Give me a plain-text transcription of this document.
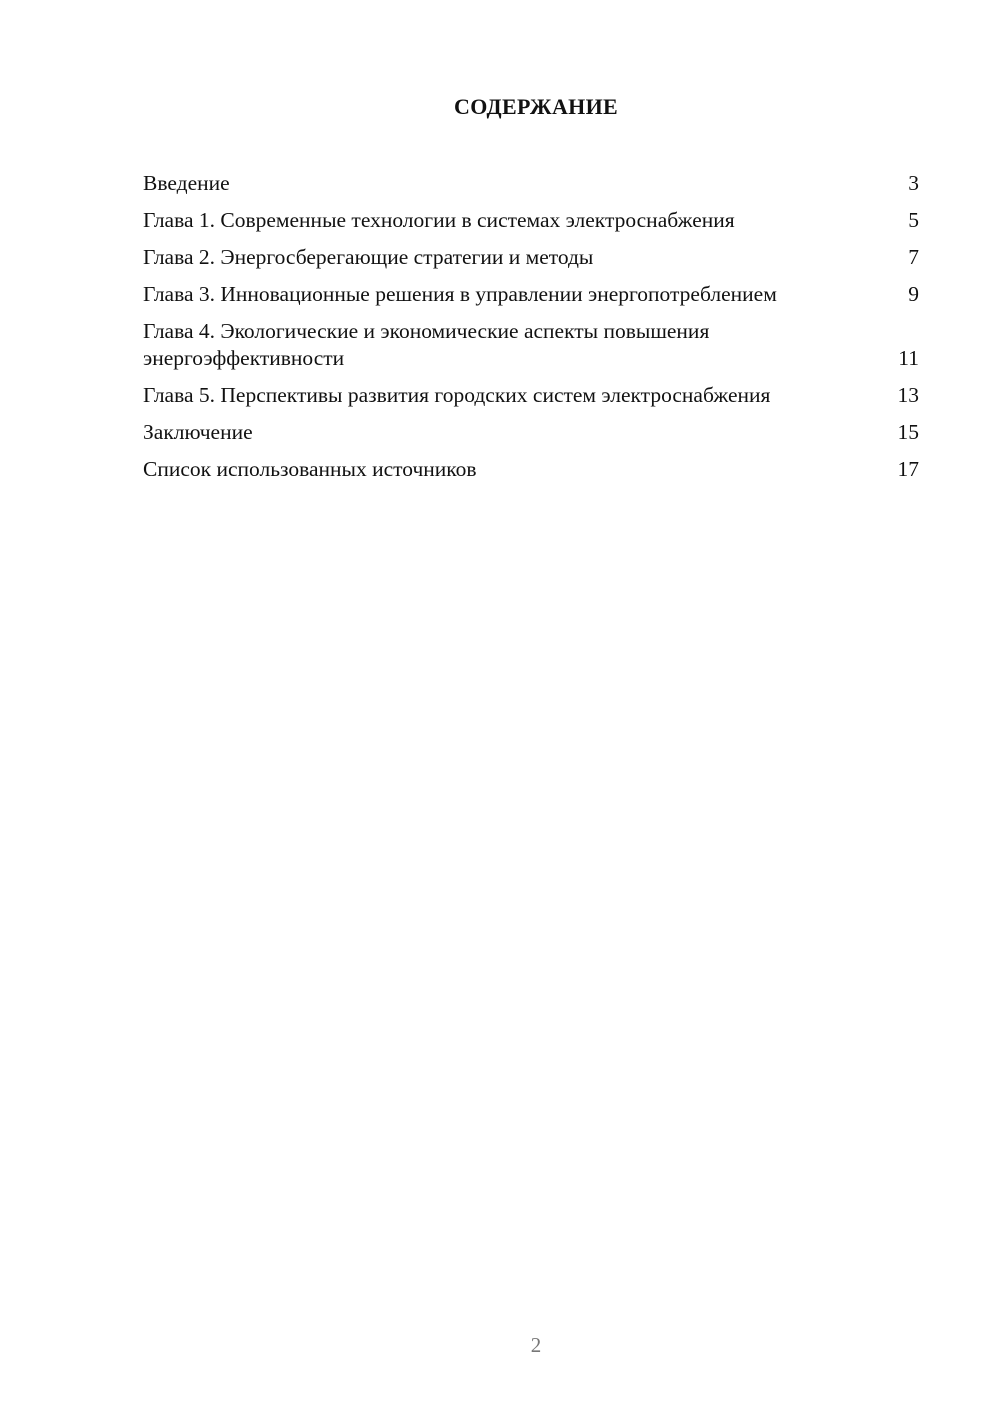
СОДЕРЖАНИЕ
Введение	3
Глава 1. Современные технологии в системах электроснабжения	5
Глава 2. Энергосберегающие стратегии и методы	7
Глава 3. Инновационные решения в управлении энергопотреблением	9
Глава 4. Экологические и экономические аспекты повышения энергоэффективности	11
Глава 5. Перспективы развития городских систем электроснабжения	13
Заключение	15
Список использованных источников	17
2
